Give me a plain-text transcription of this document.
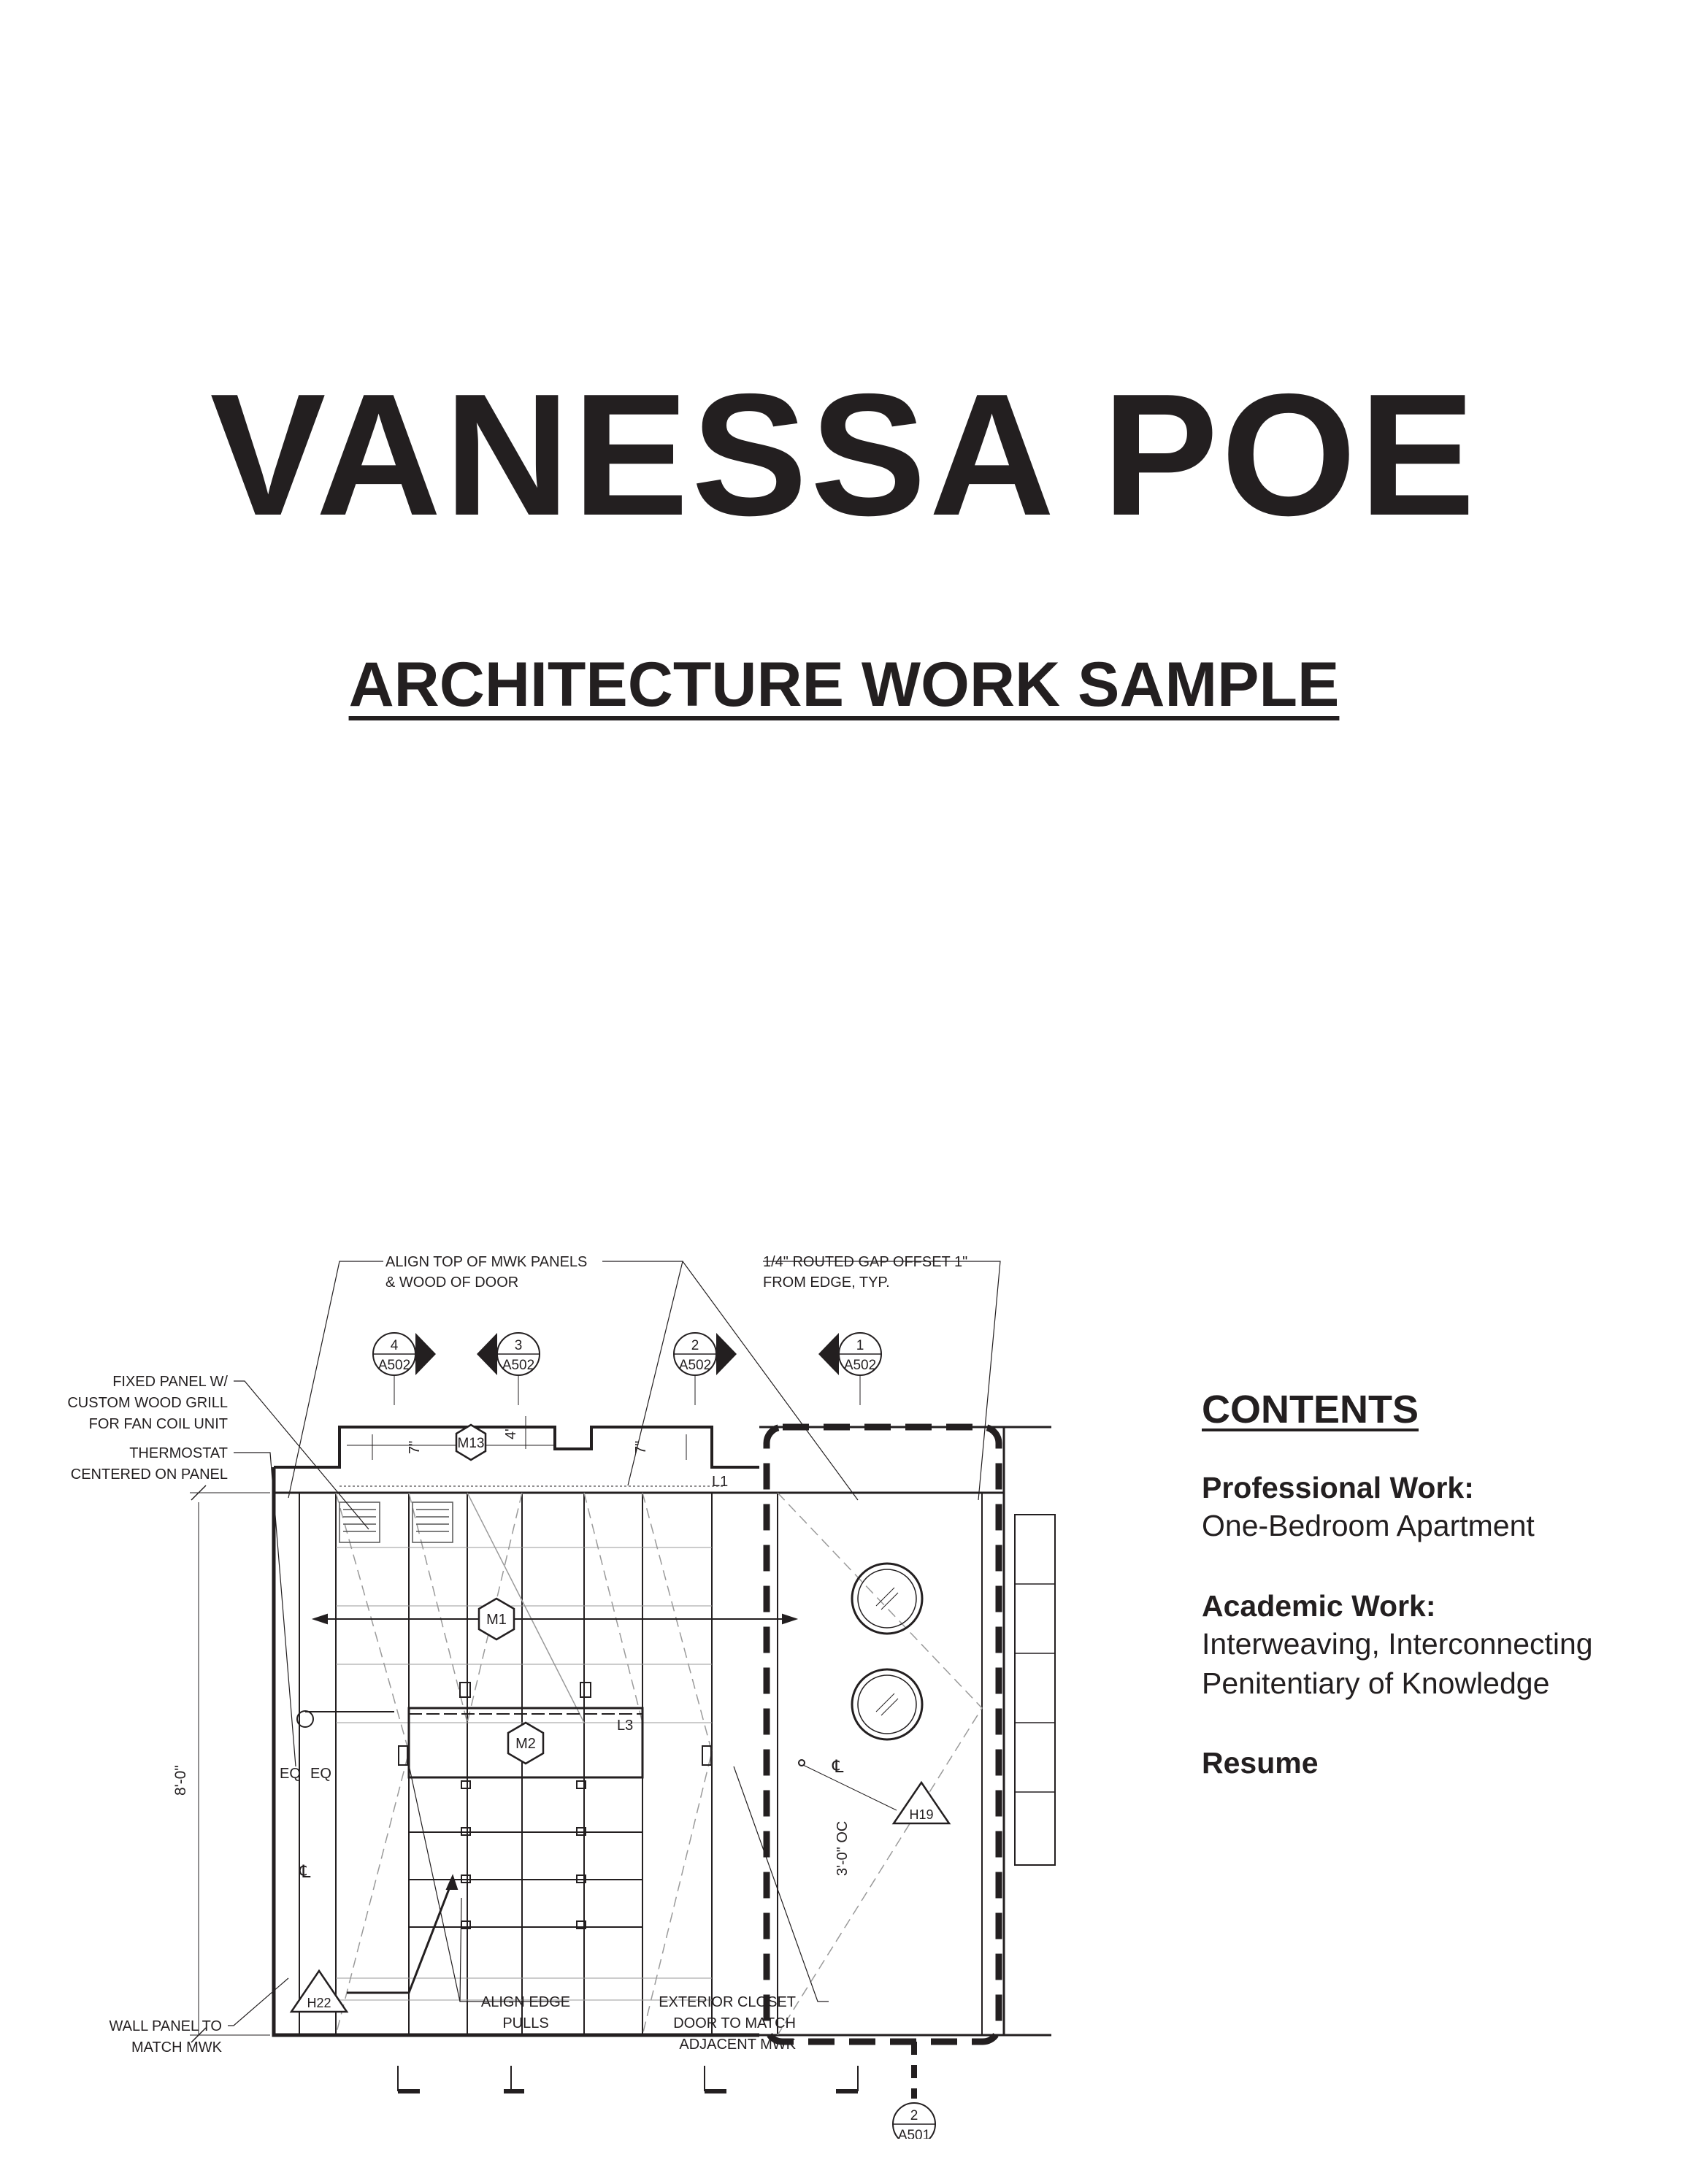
VANESSA POE
ARCHITECTURE WORK SAMPLE
4
A502
3
A502
2
A502
1
A502
2
A501
M13
M1
M2
H19
H22
L1
L3
EQ EQ
℄
℄
7"
4"
7"
8'-0"
3'-0" OC
ALIGN TOP OF MWK PANELS
& WOOD OF DOOR
1/4" ROUTED GAP OFFSET 1"
FROM EDGE, TYP.
FIXED PANEL W/
CUSTOM WOOD GRILL
FOR FAN COIL UNIT
THERMOSTAT
CENTERED ON PANEL
WALL PANEL TO
MATCH MWK
ALIGN EDGE
PULLS
EXTERIOR CLOSET
DOOR TO MATCH
ADJACENT MWK
CONTENTS
Professional Work:
One-Bedroom Apartment
Academic Work:
Interweaving, Interconnecting
Penitentiary of Knowledge
Resume
